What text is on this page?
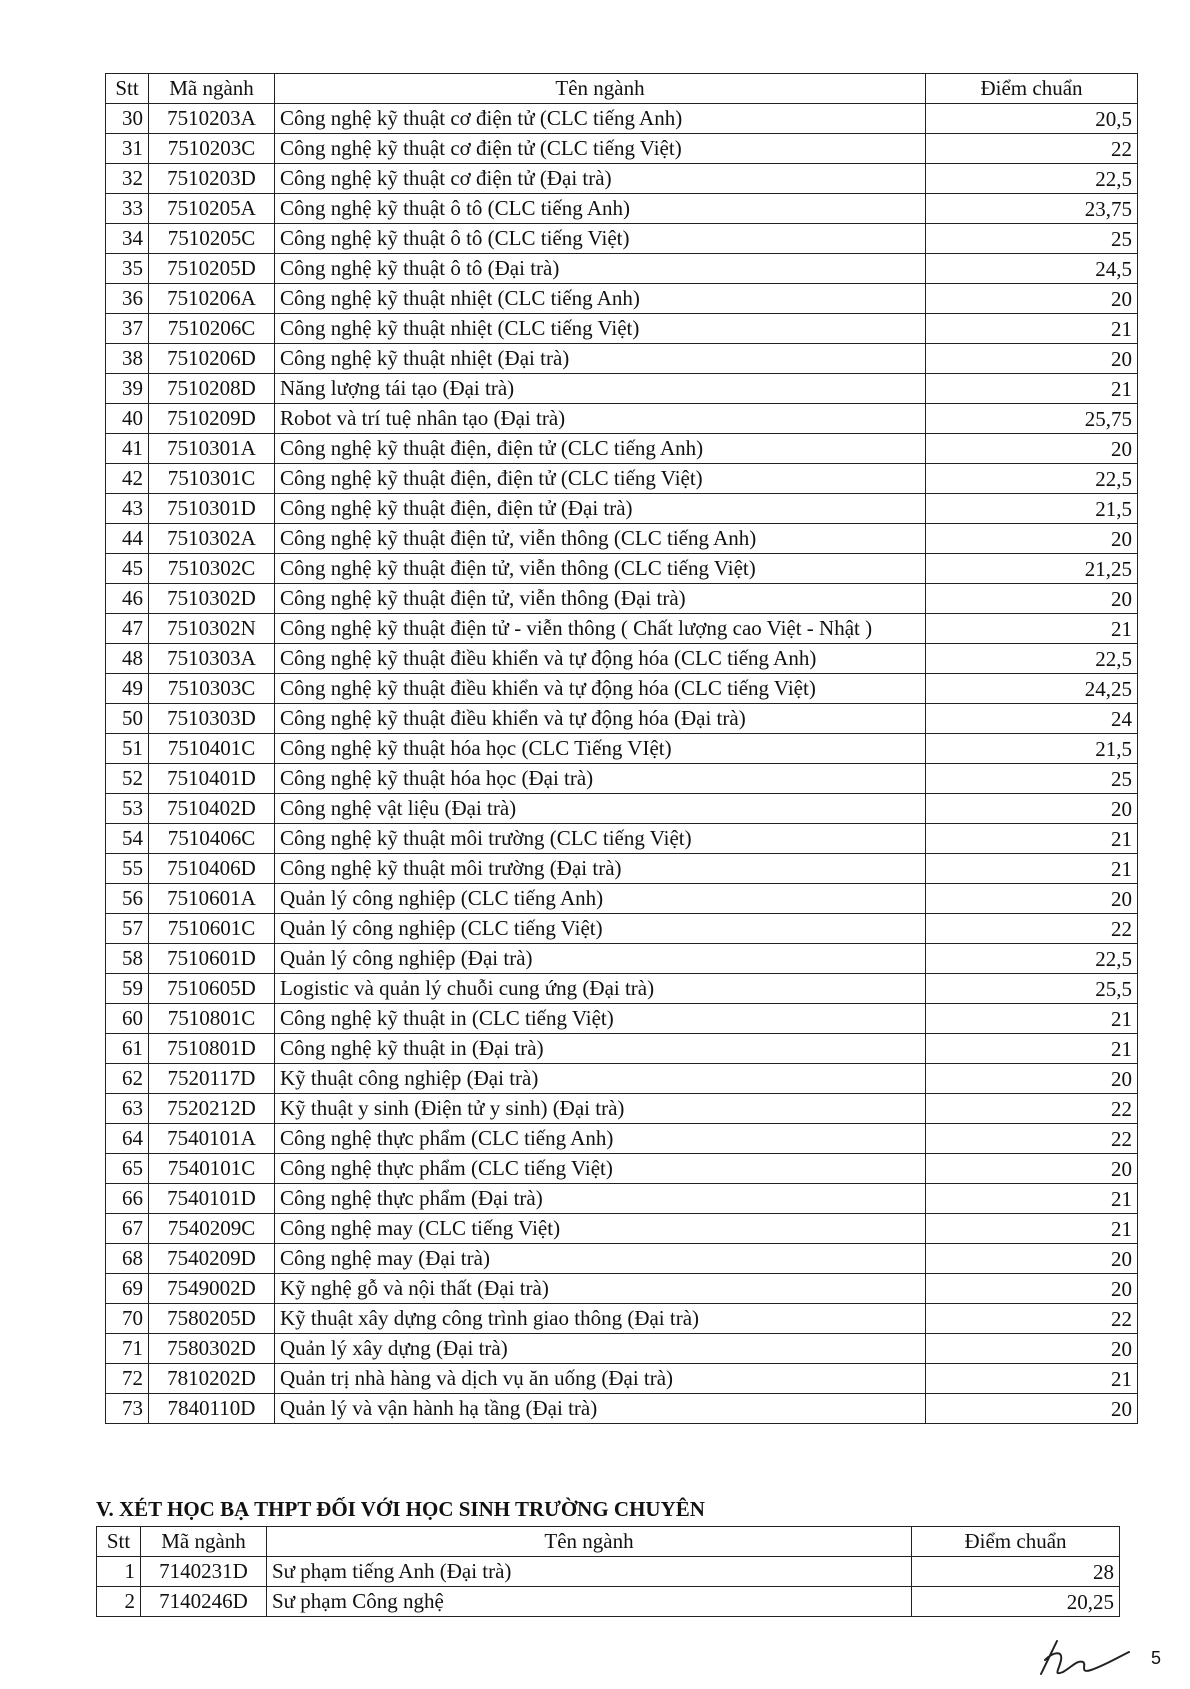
Stt	Mã ngành	Tên ngành	Điểm chuẩn
30	7510203A	Công nghệ kỹ thuật cơ điện tử (CLC tiếng Anh)	20,5
31	7510203C	Công nghệ kỹ thuật cơ điện tử (CLC tiếng Việt)	22
32	7510203D	Công nghệ kỹ thuật cơ điện tử (Đại trà)	22,5
33	7510205A	Công nghệ kỹ thuật ô tô (CLC tiếng Anh)	23,75
34	7510205C	Công nghệ kỹ thuật ô tô (CLC tiếng Việt)	25
35	7510205D	Công nghệ kỹ thuật ô tô (Đại trà)	24,5
36	7510206A	Công nghệ kỹ thuật nhiệt (CLC tiếng Anh)	20
37	7510206C	Công nghệ kỹ thuật nhiệt (CLC tiếng Việt)	21
38	7510206D	Công nghệ kỹ thuật nhiệt (Đại trà)	20
39	7510208D	Năng lượng tái tạo (Đại trà)	21
40	7510209D	Robot và trí tuệ nhân tạo (Đại trà)	25,75
41	7510301A	Công nghệ kỹ thuật điện, điện tử (CLC tiếng Anh)	20
42	7510301C	Công nghệ kỹ thuật điện, điện tử (CLC tiếng Việt)	22,5
43	7510301D	Công nghệ kỹ thuật điện, điện tử (Đại trà)	21,5
44	7510302A	Công nghệ kỹ thuật điện tử, viễn thông (CLC tiếng Anh)	20
45	7510302C	Công nghệ kỹ thuật điện tử, viễn thông (CLC tiếng Việt)	21,25
46	7510302D	Công nghệ kỹ thuật điện tử, viễn thông (Đại trà)	20
47	7510302N	Công nghệ kỹ thuật điện tử - viễn thông ( Chất lượng cao Việt - Nhật )	21
48	7510303A	Công nghệ kỹ thuật điều khiển và tự động hóa (CLC tiếng Anh)	22,5
49	7510303C	Công nghệ kỹ thuật điều khiển và tự động hóa (CLC tiếng Việt)	24,25
50	7510303D	Công nghệ kỹ thuật điều khiển và tự động hóa (Đại trà)	24
51	7510401C	Công nghệ kỹ thuật hóa học (CLC Tiếng VIệt)	21,5
52	7510401D	Công nghệ kỹ thuật hóa học (Đại trà)	25
53	7510402D	Công nghệ vật liệu (Đại trà)	20
54	7510406C	Công nghệ kỹ thuật môi trường (CLC tiếng Việt)	21
55	7510406D	Công nghệ kỹ thuật môi trường (Đại trà)	21
56	7510601A	Quản lý công nghiệp (CLC tiếng Anh)	20
57	7510601C	Quản lý công nghiệp (CLC tiếng Việt)	22
58	7510601D	Quản lý công nghiệp (Đại trà)	22,5
59	7510605D	Logistic và quản lý chuỗi cung ứng (Đại trà)	25,5
60	7510801C	Công nghệ kỹ thuật in (CLC tiếng Việt)	21
61	7510801D	Công nghệ kỹ thuật in (Đại trà)	21
62	7520117D	Kỹ thuật công nghiệp (Đại trà)	20
63	7520212D	Kỹ thuật y sinh (Điện tử y sinh) (Đại trà)	22
64	7540101A	Công nghệ thực phẩm (CLC tiếng Anh)	22
65	7540101C	Công nghệ thực phẩm (CLC tiếng Việt)	20
66	7540101D	Công nghệ thực phẩm (Đại trà)	21
67	7540209C	Công nghệ may (CLC tiếng Việt)	21
68	7540209D	Công nghệ may (Đại trà)	20
69	7549002D	Kỹ nghệ gỗ và nội thất (Đại trà)	20
70	7580205D	Kỹ thuật xây dựng công trình giao thông (Đại trà)	22
71	7580302D	Quản lý xây dựng (Đại trà)	20
72	7810202D	Quản trị nhà hàng và dịch vụ ăn uống (Đại trà)	21
73	7840110D	Quản lý và vận hành hạ tầng (Đại trà)	20
V. XÉT HỌC BẠ THPT ĐỐI VỚI HỌC SINH TRƯỜNG CHUYÊN
Stt	Mã ngành	Tên ngành	Điểm chuẩn
1	7140231D	Sư phạm tiếng Anh (Đại trà)	28
2	7140246D	Sư phạm Công nghệ	20,25
5
